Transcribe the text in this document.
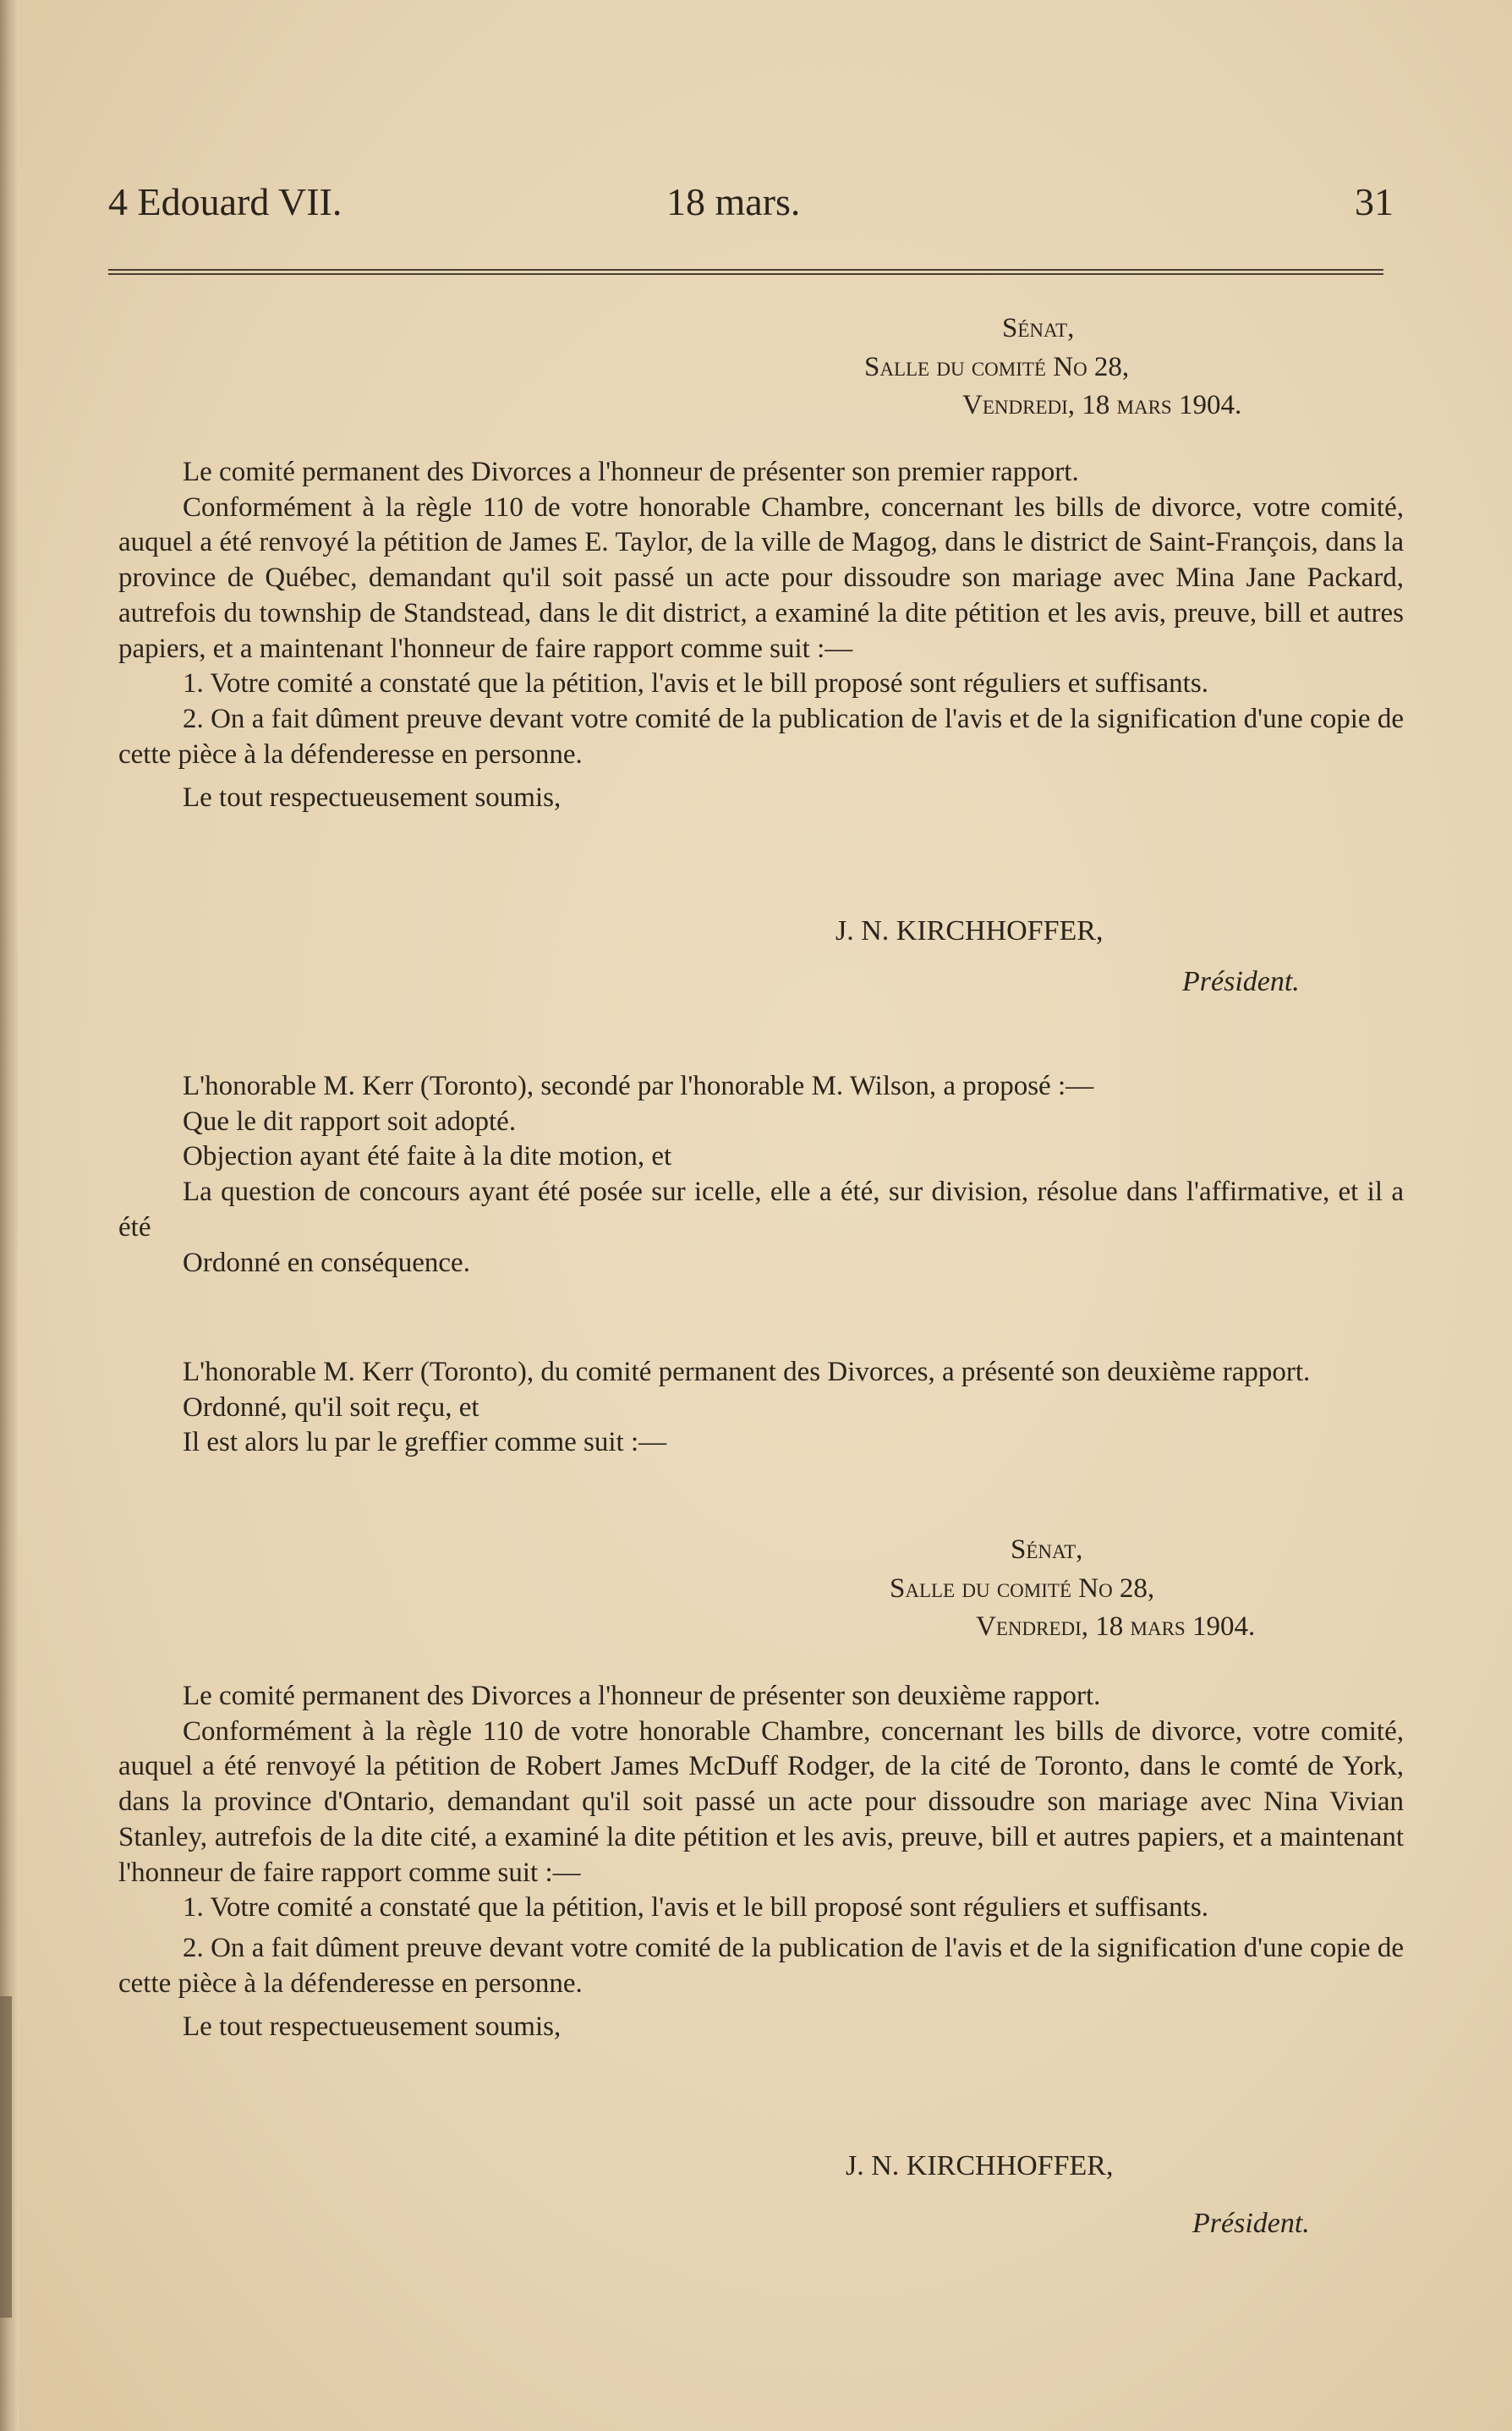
4 Edouard VII.	18 mars.	31
Sénat,
Salle du comité No 28,
Vendredi, 18 mars 1904.

Le comité permanent des Divorces a l'honneur de présenter son premier rapport.

Conformément à la règle 110 de votre honorable Chambre, concernant les bills de divorce, votre comité, auquel a été renvoyé la pétition de James E. Taylor, de la ville de Magog, dans le district de Saint-François, dans la province de Québec, demandant qu'il soit passé un acte pour dissoudre son mariage avec Mina Jane Packard, autrefois du township de Standstead, dans le dit district, a examiné la dite pétition et les avis, preuve, bill et autres papiers, et a maintenant l'honneur de faire rapport comme suit :—

1. Votre comité a constaté que la pétition, l'avis et le bill proposé sont réguliers et suffisants.

2. On a fait dûment preuve devant votre comité de la publication de l'avis et de la signification d'une copie de cette pièce à la défenderesse en personne.

Le tout respectueusement soumis,

J. N. KIRCHHOFFER,
Président.

L'honorable M. Kerr (Toronto), secondé par l'honorable M. Wilson, a proposé :—

Que le dit rapport soit adopté.

Objection ayant été faite à la dite motion, et

La question de concours ayant été posée sur icelle, elle a été, sur division, résolue dans l'affirmative, et il a été

Ordonné en conséquence.

L'honorable M. Kerr (Toronto), du comité permanent des Divorces, a présenté son deuxième rapport.

Ordonné, qu'il soit reçu, et

Il est alors lu par le greffier comme suit :—

Sénat,
Salle du comité No 28,
Vendredi, 18 mars 1904.

Le comité permanent des Divorces a l'honneur de présenter son deuxième rapport.

Conformément à la règle 110 de votre honorable Chambre, concernant les bills de divorce, votre comité, auquel a été renvoyé la pétition de Robert James McDuff Rodger, de la cité de Toronto, dans le comté de York, dans la province d'Ontario, demandant qu'il soit passé un acte pour dissoudre son mariage avec Nina Vivian Stanley, autrefois de la dite cité, a examiné la dite pétition et les avis, preuve, bill et autres papiers, et a maintenant l'honneur de faire rapport comme suit :—

1. Votre comité a constaté que la pétition, l'avis et le bill proposé sont réguliers et suffisants.

2. On a fait dûment preuve devant votre comité de la publication de l'avis et de la signification d'une copie de cette pièce à la défenderesse en personne.

Le tout respectueusement soumis,

J. N. KIRCHHOFFER,
Président.
